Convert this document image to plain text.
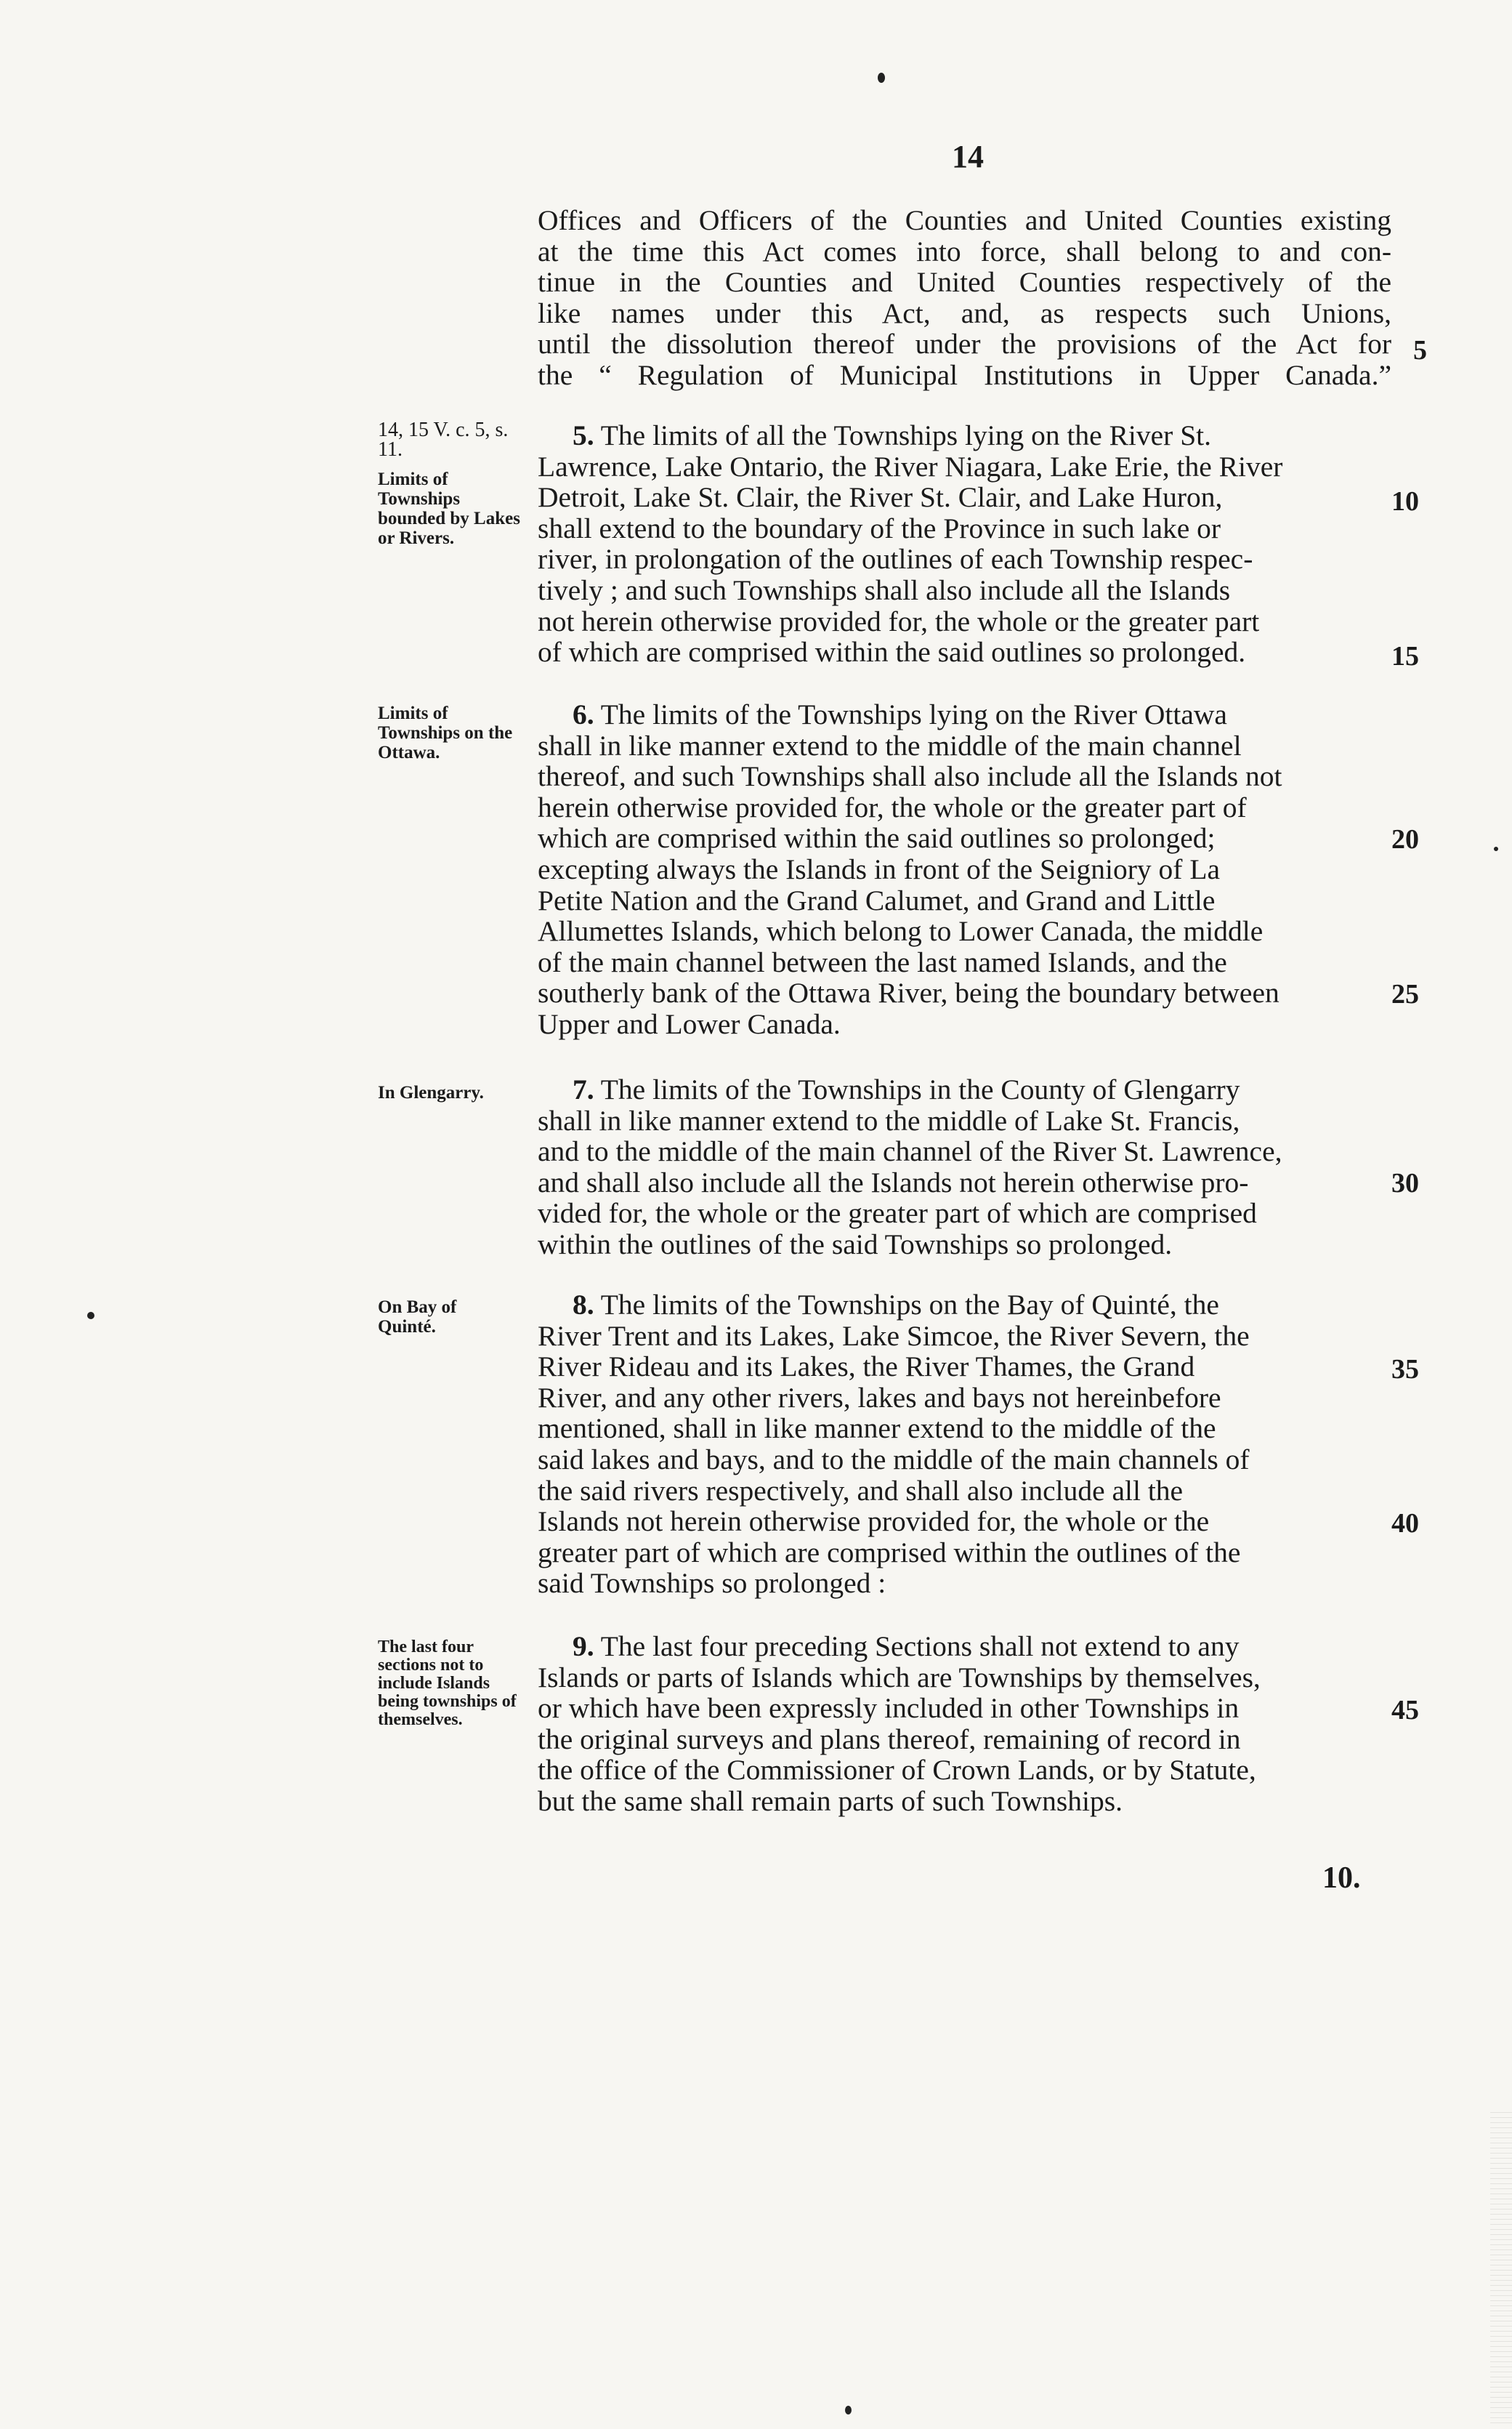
14

Offices and Officers of the Counties and United Counties existing
at the time this Act comes into force, shall belong to and con-
tinue in the Counties and United Counties respectively of the
like names under this Act, and, as respects such Unions,
until the dissolution thereof under the provisions of the Act for
the “ Regulation of Municipal Institutions in Upper Canada.”

14, 15 V. c. 5, s. 11.
Limits of Townships bounded by Lakes or Rivers.
5. The limits of all the Townships lying on the River St.
Lawrence, Lake Ontario, the River Niagara, Lake Erie, the River
Detroit, Lake St. Clair, the River St. Clair, and Lake Huron,
shall extend to the boundary of the Province in such lake or
river, in prolongation of the outlines of each Township respec-
tively ; and such Townships shall also include all the Islands
not herein otherwise provided for, the whole or the greater part
of which are comprised within the said outlines so prolonged.
Limits of Townships on the Ottawa.
6. The limits of the Townships lying on the River Ottawa
shall in like manner extend to the middle of the main channel
thereof, and such Townships shall also include all the Islands not
herein otherwise provided for, the whole or the greater part of
which are comprised within the said outlines so prolonged;
excepting always the Islands in front of the Seigniory of La
Petite Nation and the Grand Calumet, and Grand and Little
Allumettes Islands, which belong to Lower Canada, the middle
of the main channel between the last named Islands, and the
southerly bank of the Ottawa River, being the boundary between
Upper and Lower Canada.
In Glengarry.	7. The limits of the Townships in the County of Glengarry
shall in like manner extend to the middle of Lake St. Francis,
and to the middle of the main channel of the River St. Lawrence,
and shall also include all the Islands not herein otherwise pro-
vided for, the whole or the greater part of which are comprised
within the outlines of the said Townships so prolonged.
On Bay of Quinté.
8. The limits of the Townships on the Bay of Quinté, the
River Trent and its Lakes, Lake Simcoe, the River Severn, the
River Rideau and its Lakes, the River Thames, the Grand
River, and any other rivers, lakes and bays not hereinbefore
mentioned, shall in like manner extend to the middle of the
said lakes and bays, and to the middle of the main channels of
the said rivers respectively, and shall also include all the
Islands not herein otherwise provided for, the whole or the
greater part of which are comprised within the outlines of the
said Townships so prolonged :
The last four sections not to include Islands being townships of themselves.
9. The last four preceding Sections shall not extend to any
Islands or parts of Islands which are Townships by themselves,
or which have been expressly included in other Townships in
the original surveys and plans thereof, remaining of record in
the office of the Commissioner of Crown Lands, or by Statute,
but the same shall remain parts of such Townships.
5
10
15
20
25
30
35
40
45
10.
